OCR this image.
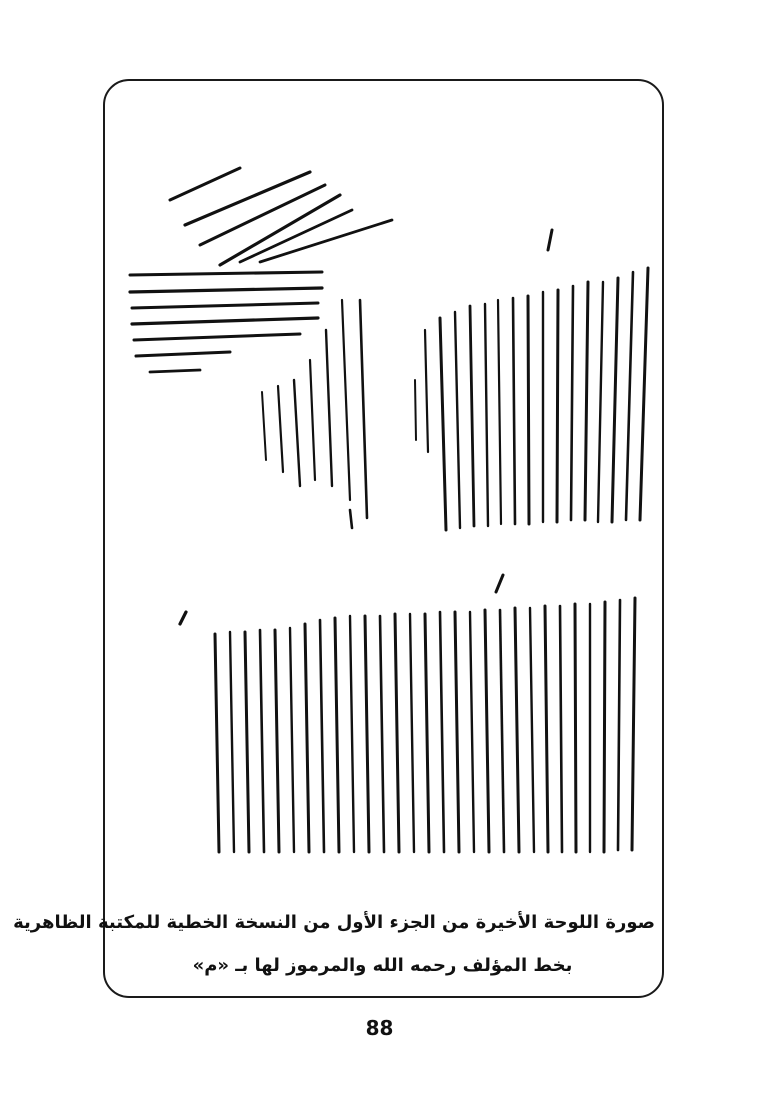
صورة اللوحة الأخيرة من الجزء الأول من النسخة الخطية للمكتبة الظاهرية
بخط المؤلف رحمه الله والمرموز لها بـ «م»
88
